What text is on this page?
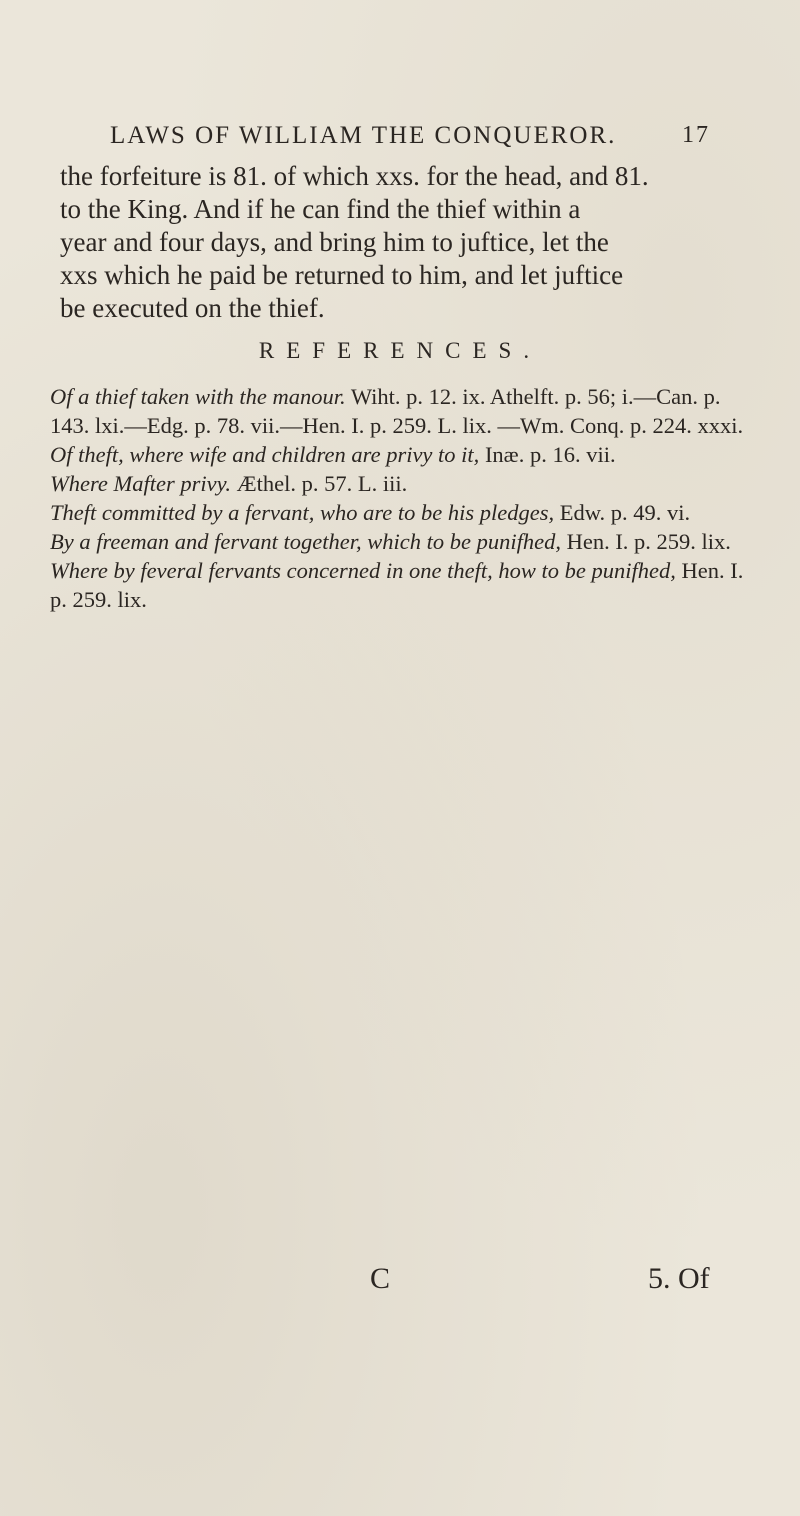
LAWS OF WILLIAM THE CONQUEROR.	17

the forfeiture is 81. of which xxs. for the head, and 81.

to the King. And if he can find the thief within a

year and four days, and bring him to juftice, let the

xxs which he paid be returned to him, and let juftice

be executed on the thief.

REFERENCES.

Of a thief taken with the manour. Wiht. p. 12. ix. Athelft. p. 56; i.—Can. p. 143. lxi.—Edg. p. 78. vii.—Hen. I. p. 259. L. lix. —Wm. Conq. p. 224. xxxi.

Of theft, where wife and children are privy to it, Inæ. p. 16. vii.

Where Mafter privy. Æthel. p. 57. L. iii.

Theft committed by a fervant, who are to be his pledges, Edw. p. 49. vi.

By a freeman and fervant together, which to be punifhed, Hen. I. p. 259. lix.

Where by feveral fervants concerned in one theft, how to be punifhed, Hen. I. p. 259. lix.

C	5. Of
